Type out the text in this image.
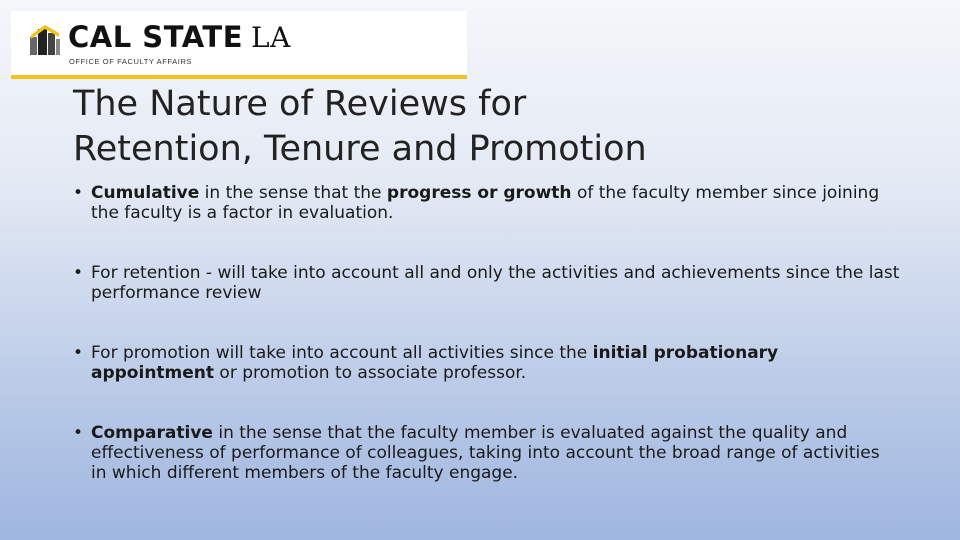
CAL STATE LA
OFFICE OF FACULTY AFFAIRS
The Nature of Reviews for
Retention, Tenure and Promotion
• Cumulative in the sense that the progress or growth of the faculty member since joining the faculty is a factor in evaluation.
• For retention - will take into account all and only the activities and achievements since the last performance review
• For promotion will take into account all activities since the initial probationary appointment or promotion to associate professor.
• Comparative in the sense that the faculty member is evaluated against the quality and effectiveness of performance of colleagues, taking into account the broad range of activities in which different members of the faculty engage.
